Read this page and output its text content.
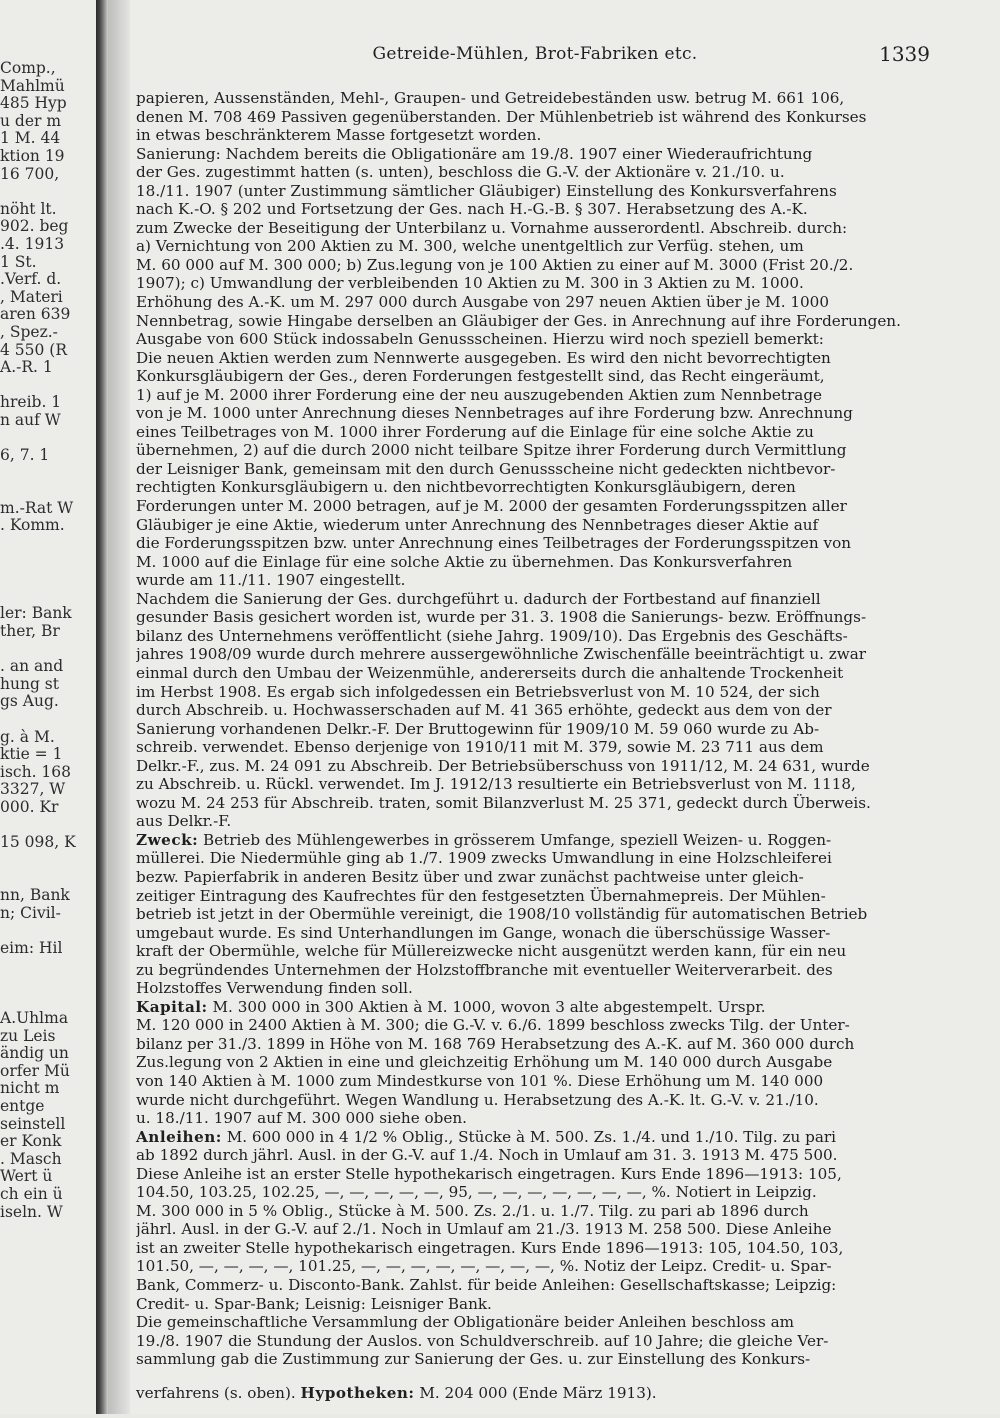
Comp.,
Mahlmü
485 Hyp
u der m
1 M. 44
ktion 19
16 700,
nöht lt.
902. beg
.4. 1913
1 St.
.Verf. d.
, Materi
aren 639
, Spez.-
4 550 (R
A.-R. 1
hreib. 1
n auf W
6, 7. 1
m.-Rat W
. Komm.
ler: Bank
ther, Br
. an and
hung st
gs Aug.
g. à M.
ktie = 1
isch. 168
3327, W
000. Kr
15 098, K
nn, Bank
n; Civil-
eim: Hil
A.Uhlma
zu Leis
ändig un
orfer Mü
nicht m
entge
seinstell
er Konk
. Masch
Wert ü
ch ein ü
iseln. W
Getreide-Mühlen, Brot-Fabriken etc.	1339

papieren, Aussenständen, Mehl-, Graupen- und Getreidebeständen usw. betrug M. 661 106,

denen M. 708 469 Passiven gegenüberstanden. Der Mühlenbetrieb ist während des Konkurses

in etwas beschränkterem Masse fortgesetzt worden.

Sanierung: Nachdem bereits die Obligationäre am 19./8. 1907 einer Wiederaufrichtung

der Ges. zugestimmt hatten (s. unten), beschloss die G.-V. der Aktionäre v. 21./10. u.

18./11. 1907 (unter Zustimmung sämtlicher Gläubiger) Einstellung des Konkursverfahrens

nach K.-O. § 202 und Fortsetzung der Ges. nach H.-G.-B. § 307. Herabsetzung des A.-K.

zum Zwecke der Beseitigung der Unterbilanz u. Vornahme ausserordentl. Abschreib. durch:

a) Vernichtung von 200 Aktien zu M. 300, welche unentgeltlich zur Verfüg. stehen, um

M. 60 000 auf M. 300 000; b) Zus.legung von je 100 Aktien zu einer auf M. 3000 (Frist 20./2.

1907); c) Umwandlung der verbleibenden 10 Aktien zu M. 300 in 3 Aktien zu M. 1000.

Erhöhung des A.-K. um M. 297 000 durch Ausgabe von 297 neuen Aktien über je M. 1000

Nennbetrag, sowie Hingabe derselben an Gläubiger der Ges. in Anrechnung auf ihre Forderungen.

Ausgabe von 600 Stück indossabeln Genussscheinen. Hierzu wird noch speziell bemerkt:

Die neuen Aktien werden zum Nennwerte ausgegeben. Es wird den nicht bevorrechtigten

Konkursgläubigern der Ges., deren Forderungen festgestellt sind, das Recht eingeräumt,

1) auf je M. 2000 ihrer Forderung eine der neu auszugebenden Aktien zum Nennbetrage

von je M. 1000 unter Anrechnung dieses Nennbetrages auf ihre Forderung bzw. Anrechnung

eines Teilbetrages von M. 1000 ihrer Forderung auf die Einlage für eine solche Aktie zu

übernehmen, 2) auf die durch 2000 nicht teilbare Spitze ihrer Forderung durch Vermittlung

der Leisniger Bank, gemeinsam mit den durch Genussscheine nicht gedeckten nichtbevor-

rechtigten Konkursgläubigern u. den nichtbevorrechtigten Konkursgläubigern, deren

Forderungen unter M. 2000 betragen, auf je M. 2000 der gesamten Forderungsspitzen aller

Gläubiger je eine Aktie, wiederum unter Anrechnung des Nennbetrages dieser Aktie auf

die Forderungsspitzen bzw. unter Anrechnung eines Teilbetrages der Forderungsspitzen von

M. 1000 auf die Einlage für eine solche Aktie zu übernehmen. Das Konkursverfahren

wurde am 11./11. 1907 eingestellt.

Nachdem die Sanierung der Ges. durchgeführt u. dadurch der Fortbestand auf finanziell

gesunder Basis gesichert worden ist, wurde per 31. 3. 1908 die Sanierungs- bezw. Eröffnungs-

bilanz des Unternehmens veröffentlicht (siehe Jahrg. 1909/10). Das Ergebnis des Geschäfts-

jahres 1908/09 wurde durch mehrere aussergewöhnliche Zwischenfälle beeinträchtigt u. zwar

einmal durch den Umbau der Weizenmühle, andererseits durch die anhaltende Trockenheit

im Herbst 1908. Es ergab sich infolgedessen ein Betriebsverlust von M. 10 524, der sich

durch Abschreib. u. Hochwasserschaden auf M. 41 365 erhöhte, gedeckt aus dem von der

Sanierung vorhandenen Delkr.-F. Der Bruttogewinn für 1909/10 M. 59 060 wurde zu Ab-

schreib. verwendet. Ebenso derjenige von 1910/11 mit M. 379, sowie M. 23 711 aus dem

Delkr.-F., zus. M. 24 091 zu Abschreib. Der Betriebsüberschuss von 1911/12, M. 24 631, wurde

zu Abschreib. u. Rückl. verwendet. Im J. 1912/13 resultierte ein Betriebsverlust von M. 1118,

wozu M. 24 253 für Abschreib. traten, somit Bilanzverlust M. 25 371, gedeckt durch Überweis.

aus Delkr.-F.

Zweck: Betrieb des Mühlengewerbes in grösserem Umfange, speziell Weizen- u. Roggen-

müllerei. Die Niedermühle ging ab 1./7. 1909 zwecks Umwandlung in eine Holzschleiferei

bezw. Papierfabrik in anderen Besitz über und zwar zunächst pachtweise unter gleich-

zeitiger Eintragung des Kaufrechtes für den festgesetzten Übernahmepreis. Der Mühlen-

betrieb ist jetzt in der Obermühle vereinigt, die 1908/10 vollständig für automatischen Betrieb

umgebaut wurde. Es sind Unterhandlungen im Gange, wonach die überschüssige Wasser-

kraft der Obermühle, welche für Müllereizwecke nicht ausgenützt werden kann, für ein neu

zu begründendes Unternehmen der Holzstoffbranche mit eventueller Weiterverarbeit. des

Holzstoffes Verwendung finden soll.

Kapital: M. 300 000 in 300 Aktien à M. 1000, wovon 3 alte abgestempelt. Urspr.

M. 120 000 in 2400 Aktien à M. 300; die G.-V. v. 6./6. 1899 beschloss zwecks Tilg. der Unter-

bilanz per 31./3. 1899 in Höhe von M. 168 769 Herabsetzung des A.-K. auf M. 360 000 durch

Zus.legung von 2 Aktien in eine und gleichzeitig Erhöhung um M. 140 000 durch Ausgabe

von 140 Aktien à M. 1000 zum Mindestkurse von 101 %. Diese Erhöhung um M. 140 000

wurde nicht durchgeführt. Wegen Wandlung u. Herabsetzung des A.-K. lt. G.-V. v. 21./10.

u. 18./11. 1907 auf M. 300 000 siehe oben.

Anleihen: M. 600 000 in 4 1/2 % Oblig., Stücke à M. 500. Zs. 1./4. und 1./10. Tilg. zu pari

ab 1892 durch jährl. Ausl. in der G.-V. auf 1./4. Noch in Umlauf am 31. 3. 1913 M. 475 500.

Diese Anleihe ist an erster Stelle hypothekarisch eingetragen. Kurs Ende 1896—1913: 105,

104.50, 103.25, 102.25, —, —, —, —, —, 95, —, —, —, —, —, —, —, %. Notiert in Leipzig.

M. 300 000 in 5 % Oblig., Stücke à M. 500. Zs. 2./1. u. 1./7. Tilg. zu pari ab 1896 durch

jährl. Ausl. in der G.-V. auf 2./1. Noch in Umlauf am 21./3. 1913 M. 258 500. Diese Anleihe

ist an zweiter Stelle hypothekarisch eingetragen. Kurs Ende 1896—1913: 105, 104.50, 103,

101.50, —, —, —, —, 101.25, —, —, —, —, —, —, —, —, %. Notiz der Leipz. Credit- u. Spar-

Bank, Commerz- u. Disconto-Bank. Zahlst. für beide Anleihen: Gesellschaftskasse; Leipzig:

Credit- u. Spar-Bank; Leisnig: Leisniger Bank.

Die gemeinschaftliche Versammlung der Obligationäre beider Anleihen beschloss am

19./8. 1907 die Stundung der Auslos. von Schuldverschreib. auf 10 Jahre; die gleiche Ver-

sammlung gab die Zustimmung zur Sanierung der Ges. u. zur Einstellung des Konkurs-

verfahrens (s. oben). Hypotheken: M. 204 000 (Ende März 1913).
